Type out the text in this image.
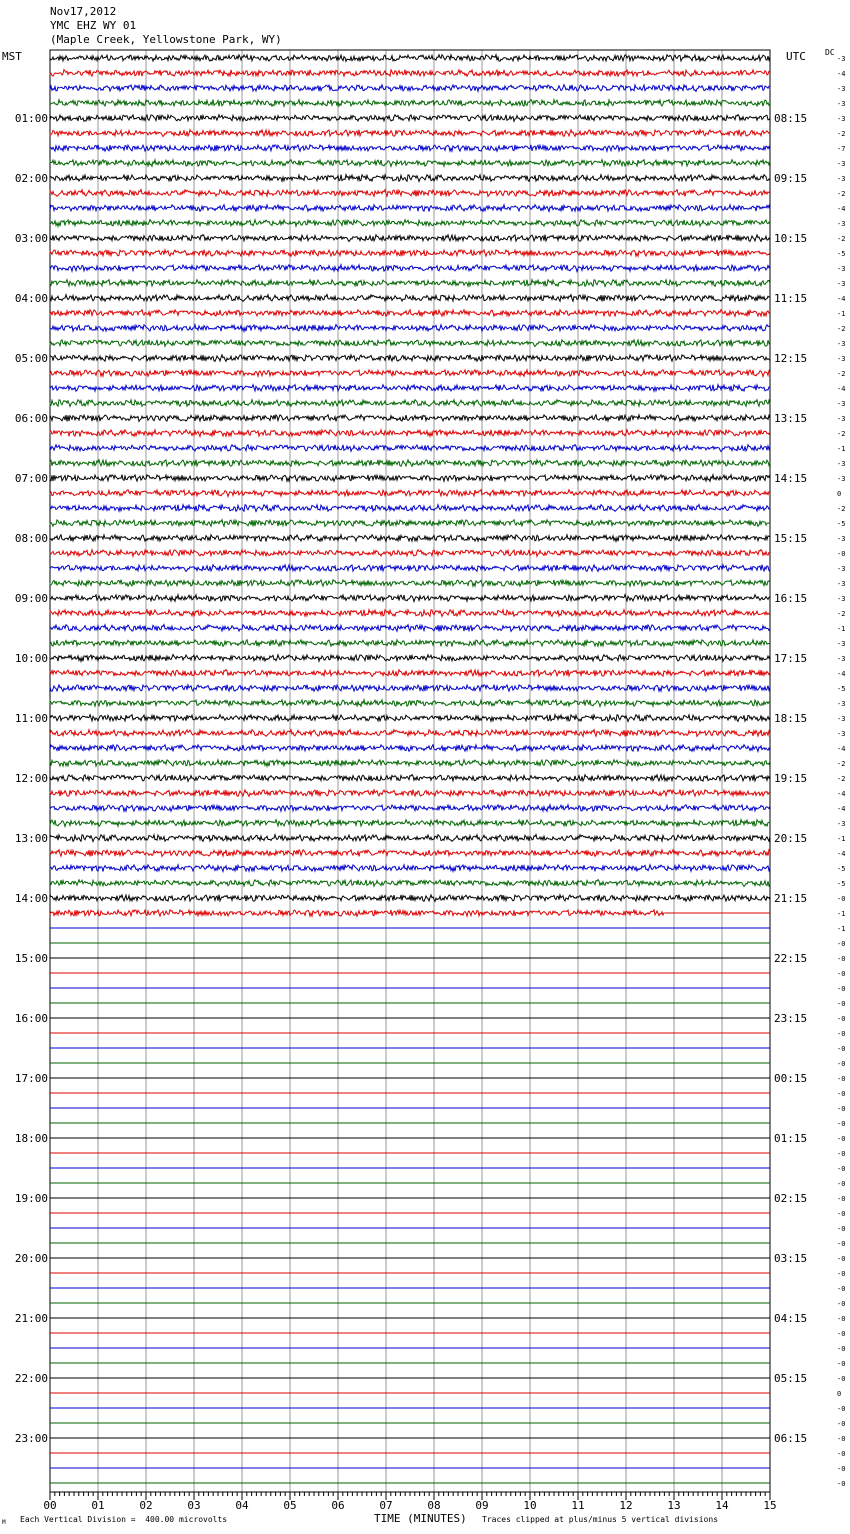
Nov17,2012
YMC EHZ WY 01
(Maple Creek, Yellowstone Park, WY)
MST	UTC DC
-3
-4
-3
-3
-3
-2
-7
-3
-3
-2
-4
-3
-2
-5
-3
-3
-4
-1
-2
-3
-3
-2
-4
-3
-3
-2
-1
-3
-3
0
-2
-5
-3
-0
-3
-3
-3
-2
-1
-3
-3
-4
-5
-3
-3
-3
-4
-2
-2
-4
-4
-3
-1
-4
-5
-5
-0
-1
-1
-0
-0
-0
-0
-0
-0
-0
-0
-0
-0
-0
-0
-0
-0
-0
-0
-0
-0
-0
-0
-0
-0
-0
-0
-0
-0
-0
-0
-0
-0
0
-0
-0
-0
-0
-0
-0
01:00	08:15
02:00	09:15
03:00	10:15
04:00	11:15
05:00	12:15
06:00	13:15
07:00	14:15
08:00	15:15
09:00	16:15
10:00	17:15
11:00	18:15
12:00	19:15
13:00	20:15
14:00	21:15
15:00	22:15
16:00	23:15
17:00	00:15
18:00	01:15
19:00	02:15
20:00	03:15
21:00	04:15
22:00	05:15
23:00	06:15
00	01	02	03	04	05	06	07	08	09	10	11	12	13	14	15
M Each Vertical Division =  400.00 microvolts	TIME (MINUTES) Traces clipped at plus/minus 5 vertical divisions
